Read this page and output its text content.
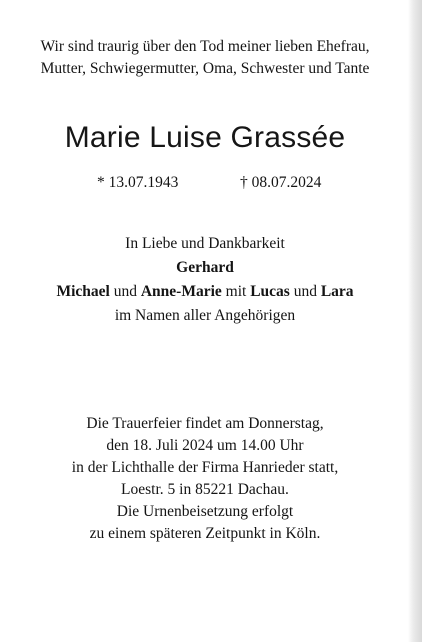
Wir sind traurig über den Tod meiner lieben Ehefrau,
Mutter, Schwiegermutter, Oma, Schwester und Tante
Marie Luise Grassée
* 13.07.1943	† 08.07.2024
In Liebe und Dankbarkeit
Gerhard
Michael und Anne-Marie mit Lucas und Lara
im Namen aller Angehörigen
Die Trauerfeier findet am Donnerstag,
den 18. Juli 2024 um 14.00 Uhr
in der Lichthalle der Firma Hanrieder statt,
Loestr. 5 in 85221 Dachau.
Die Urnenbeisetzung erfolgt
zu einem späteren Zeitpunkt in Köln.
